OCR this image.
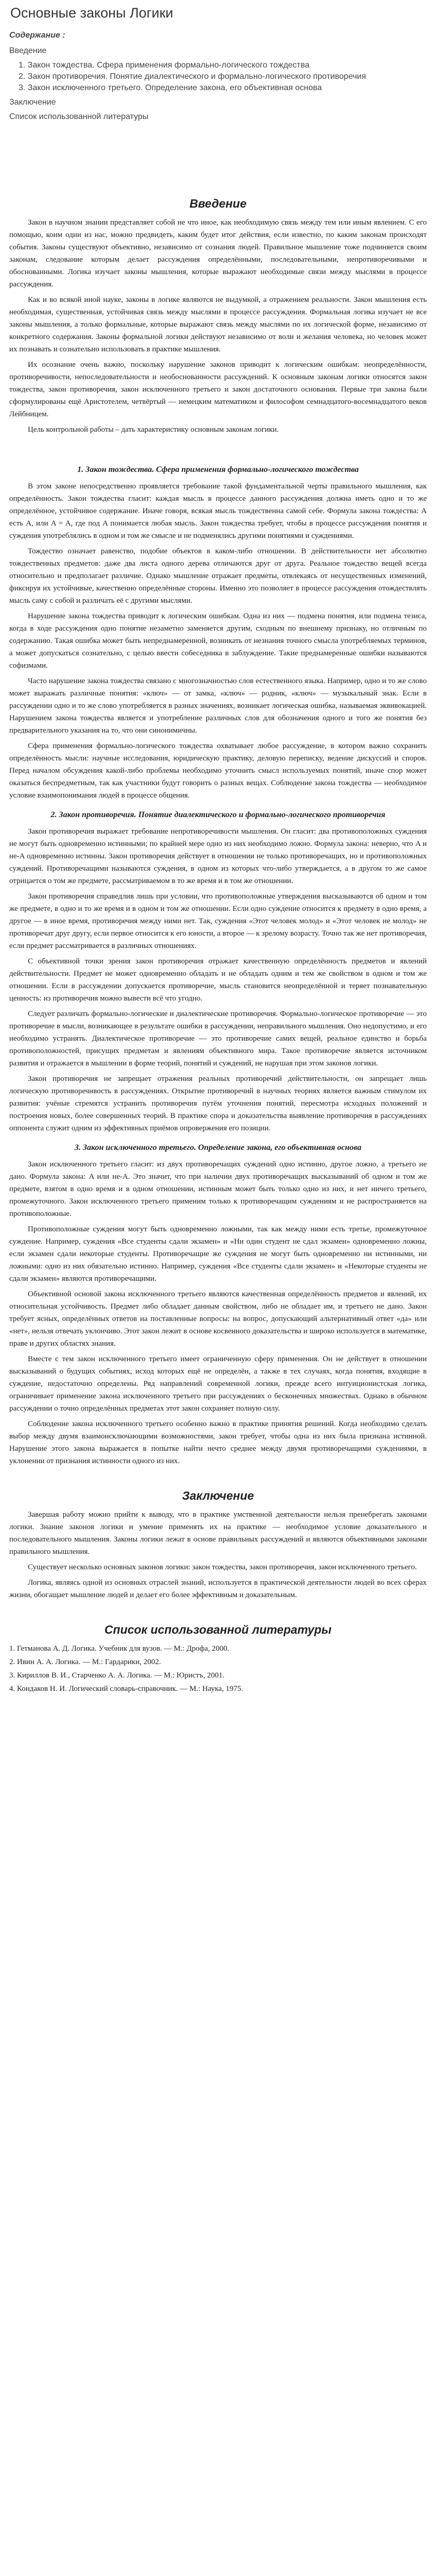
Основные законы Логики
Содержание :
Введение
1. Закон тождества. Сфера применения формально-логического тождества
2. Закон противоречия. Понятие диалектического и формально-логического противоречия
3. Закон исключенного третьего. Определение закона, его объективная основа
Заключение
Список использованной литературы
Введение

Закон в научном знании представляет собой не что иное, как необходимую связь между тем или иным явлением. С его помощью, коим одни из нас, можно предвидеть, каким будет итог действия, если известно, по каким законам происходят события. Законы существуют объективно, независимо от сознания людей. Правильное мышление тоже подчиняется своим законам, следование которым делает рассуждения определёнными, последовательными, непротиворечивыми и обоснованными. Логика изучает законы мышления, которые выражают необходимые связи между мыслями в процессе рассуждения.

Как и во всякой иной науке, законы в логике являются не выдумкой, а отражением реальности. Закон мышления есть необходимая, существенная, устойчивая связь между мыслями в процессе рассуждения. Формальная логика изучает не все законы мышления, а только формальные, которые выражают связь между мыслями по их логической форме, независимо от конкретного содержания. Законы формальной логики действуют независимо от воли и желания человека, но человек может их познавать и сознательно использовать в практике мышления.

Их осознание очень важно, поскольку нарушение законов приводит к логическим ошибкам: неопределённости, противоречивости, непоследовательности и необоснованности рассуждений. К основным законам логики относятся закон тождества, закон противоречия, закон исключенного третьего и закон достаточного основания. Первые три закона были сформулированы ещё Аристотелем, четвёртый — немецким математиком и философом семнадцатого-восемнадцатого веков Лейбницем.

Цель контрольной работы – дать характеристику основным законам логики.

1. Закон тождества. Сфера применения формально-логического тождества

В этом законе непосредственно проявляется требование такой фундаментальной черты правильного мышления, как определённость. Закон тождества гласит: каждая мысль в процессе данного рассуждения должна иметь одно и то же определённое, устойчивое содержание. Иначе говоря, всякая мысль тождественна самой себе. Формула закона тождества: A есть A, или A = A, где под A понимается любая мысль. Закон тождества требует, чтобы в процессе рассуждения понятия и суждения употреблялись в одном и том же смысле и не подменялись другими понятиями и суждениями.

Тождество означает равенство, подобие объектов в каком-либо отношении. В действительности нет абсолютно тождественных предметов: даже два листа одного дерева отличаются друг от друга. Реальное тождество вещей всегда относительно и предполагает различие. Однако мышление отражает предметы, отвлекаясь от несущественных изменений, фиксируя их устойчивые, качественно определённые стороны. Именно это позволяет в процессе рассуждения отождествлять мысль саму с собой и различать её с другими мыслями.

Нарушение закона тождества приводит к логическим ошибкам. Одна из них — подмена понятия, или подмена тезиса, когда в ходе рассуждения одно понятие незаметно заменяется другим, сходным по внешнему признаку, но отличным по содержанию. Такая ошибка может быть непреднамеренной, возникать от незнания точного смысла употребляемых терминов, а может допускаться сознательно, с целью ввести собеседника в заблуждение. Такие преднамеренные ошибки называются софизмами.

Часто нарушение закона тождества связано с многозначностью слов естественного языка. Например, одно и то же слово может выражать различные понятия: «ключ» — от замка, «ключ» — родник, «ключ» — музыкальный знак. Если в рассуждении одно и то же слово употребляется в разных значениях, возникает логическая ошибка, называемая эквивокацией. Нарушением закона тождества является и употребление различных слов для обозначения одного и того же понятия без предварительного указания на то, что они синонимичны.

Сфера применения формально-логического тождества охватывает любое рассуждение, в котором важно сохранить определённость мысли: научные исследования, юридическую практику, деловую переписку, ведение дискуссий и споров. Перед началом обсуждения какой-либо проблемы необходимо уточнить смысл используемых понятий, иначе спор может оказаться беспредметным, так как участники будут говорить о разных вещах. Соблюдение закона тождества — необходимое условие взаимопонимания людей в процессе общения.

2. Закон противоречия. Понятие диалектического и формально-логического противоречия

Закон противоречия выражает требование непротиворечивости мышления. Он гласит: два противоположных суждения не могут быть одновременно истинными; по крайней мере одно из них необходимо ложно. Формула закона: неверно, что A и не-A одновременно истинны. Закон противоречия действует в отношении не только противоречащих, но и противоположных суждений. Противоречащими называются суждения, в одном из которых что-либо утверждается, а в другом то же самое отрицается о том же предмете, рассматриваемом в то же время и в том же отношении.

Закон противоречия справедлив лишь при условии, что противоположные утверждения высказываются об одном и том же предмете, в одно и то же время и в одном и том же отношении. Если одно суждение относится к предмету в одно время, а другое — в иное время, противоречия между ними нет. Так, суждения «Этот человек молод» и «Этот человек не молод» не противоречат друг другу, если первое относится к его юности, а второе — к зрелому возрасту. Точно так же нет противоречия, если предмет рассматривается в различных отношениях.

С объективной точки зрения закон противоречия отражает качественную определённость предметов и явлений действительности. Предмет не может одновременно обладать и не обладать одним и тем же свойством в одном и том же отношении. Если в рассуждении допускается противоречие, мысль становится неопределённой и теряет познавательную ценность: из противоречия можно вывести всё что угодно.

Следует различать формально-логические и диалектические противоречия. Формально-логическое противоречие — это противоречие в мысли, возникающее в результате ошибки в рассуждении, неправильного мышления. Оно недопустимо, и его необходимо устранять. Диалектическое противоречие — это противоречие самих вещей, реальное единство и борьба противоположностей, присущих предметам и явлениям объективного мира. Такое противоречие является источником развития и отражается в мышлении в форме теорий, понятий и суждений, не нарушая при этом законов логики.

Закон противоречия не запрещает отражения реальных противоречий действительности, он запрещает лишь логическую противоречивость в рассуждениях. Открытие противоречий в научных теориях является важным стимулом их развития: учёные стремятся устранить противоречия путём уточнения понятий, пересмотра исходных положений и построения новых, более совершенных теорий. В практике спора и доказательства выявление противоречия в рассуждениях оппонента служит одним из эффективных приёмов опровержения его позиции.

3. Закон исключенного третьего. Определение закона, его объективная основа

Закон исключенного третьего гласит: из двух противоречащих суждений одно истинно, другое ложно, а третьего не дано. Формула закона: A или не-A. Это значит, что при наличии двух противоречащих высказываний об одном и том же предмете, взятом в одно время и в одном отношении, истинным может быть только одно из них, и нет ничего третьего, промежуточного. Закон исключенного третьего применим только к противоречащим суждениям и не распространяется на противоположные.

Противоположные суждения могут быть одновременно ложными, так как между ними есть третье, промежуточное суждение. Например, суждения «Все студенты сдали экзамен» и «Ни один студент не сдал экзамен» одновременно ложны, если экзамен сдали некоторые студенты. Противоречащие же суждения не могут быть одновременно ни истинными, ни ложными: одно из них обязательно истинно. Например, суждения «Все студенты сдали экзамен» и «Некоторые студенты не сдали экзамен» являются противоречащими.

Объективной основой закона исключенного третьего являются качественная определённость предметов и явлений, их относительная устойчивость. Предмет либо обладает данным свойством, либо не обладает им, и третьего не дано. Закон требует ясных, определённых ответов на поставленные вопросы: на вопрос, допускающий альтернативный ответ «да» или «нет», нельзя отвечать уклончиво. Этот закон лежит в основе косвенного доказательства и широко используется в математике, праве и других областях знания.

Вместе с тем закон исключенного третьего имеет ограниченную сферу применения. Он не действует в отношении высказываний о будущих событиях, исход которых ещё не определён, а также в тех случаях, когда понятия, входящие в суждение, недостаточно определены. Ряд направлений современной логики, прежде всего интуиционистская логика, ограничивает применение закона исключенного третьего при рассуждениях о бесконечных множествах. Однако в обычном рассуждении о точно определённых предметах этот закон сохраняет полную силу.

Соблюдение закона исключенного третьего особенно важно в практике принятия решений. Когда необходимо сделать выбор между двумя взаимоисключающими возможностями, закон требует, чтобы одна из них была признана истинной. Нарушение этого закона выражается в попытке найти нечто среднее между двумя противоречащими суждениями, в уклонении от признания истинности одного из них.

Заключение

Завершая работу можно прийти к выводу, что в практике умственной деятельности нельзя пренебрегать законами логики. Знание законов логики и умение применять их на практике — необходимое условие доказательного и последовательного мышления. Законы логики лежат в основе правильных рассуждений и являются объективными законами правильного мышления.

Существует несколько основных законов логики: закон тождества, закон противоречия, закон исключенного третьего.

Логика, являясь одной из основных отраслей знаний, используется в практической деятельности людей во всех сферах жизни, обогащает мышление людей и делает его более эффективным и доказательным.

Список использованной литературы
1. Гетманова А. Д. Логика. Учебник для вузов. — М.: Дрофа, 2000.
2. Ивин А. А. Логика. — М.: Гардарики, 2002.
3. Кириллов В. И., Старченко А. А. Логика. — М.: Юристъ, 2001.
4. Кондаков Н. И. Логический словарь-справочник. — М.: Наука, 1975.
